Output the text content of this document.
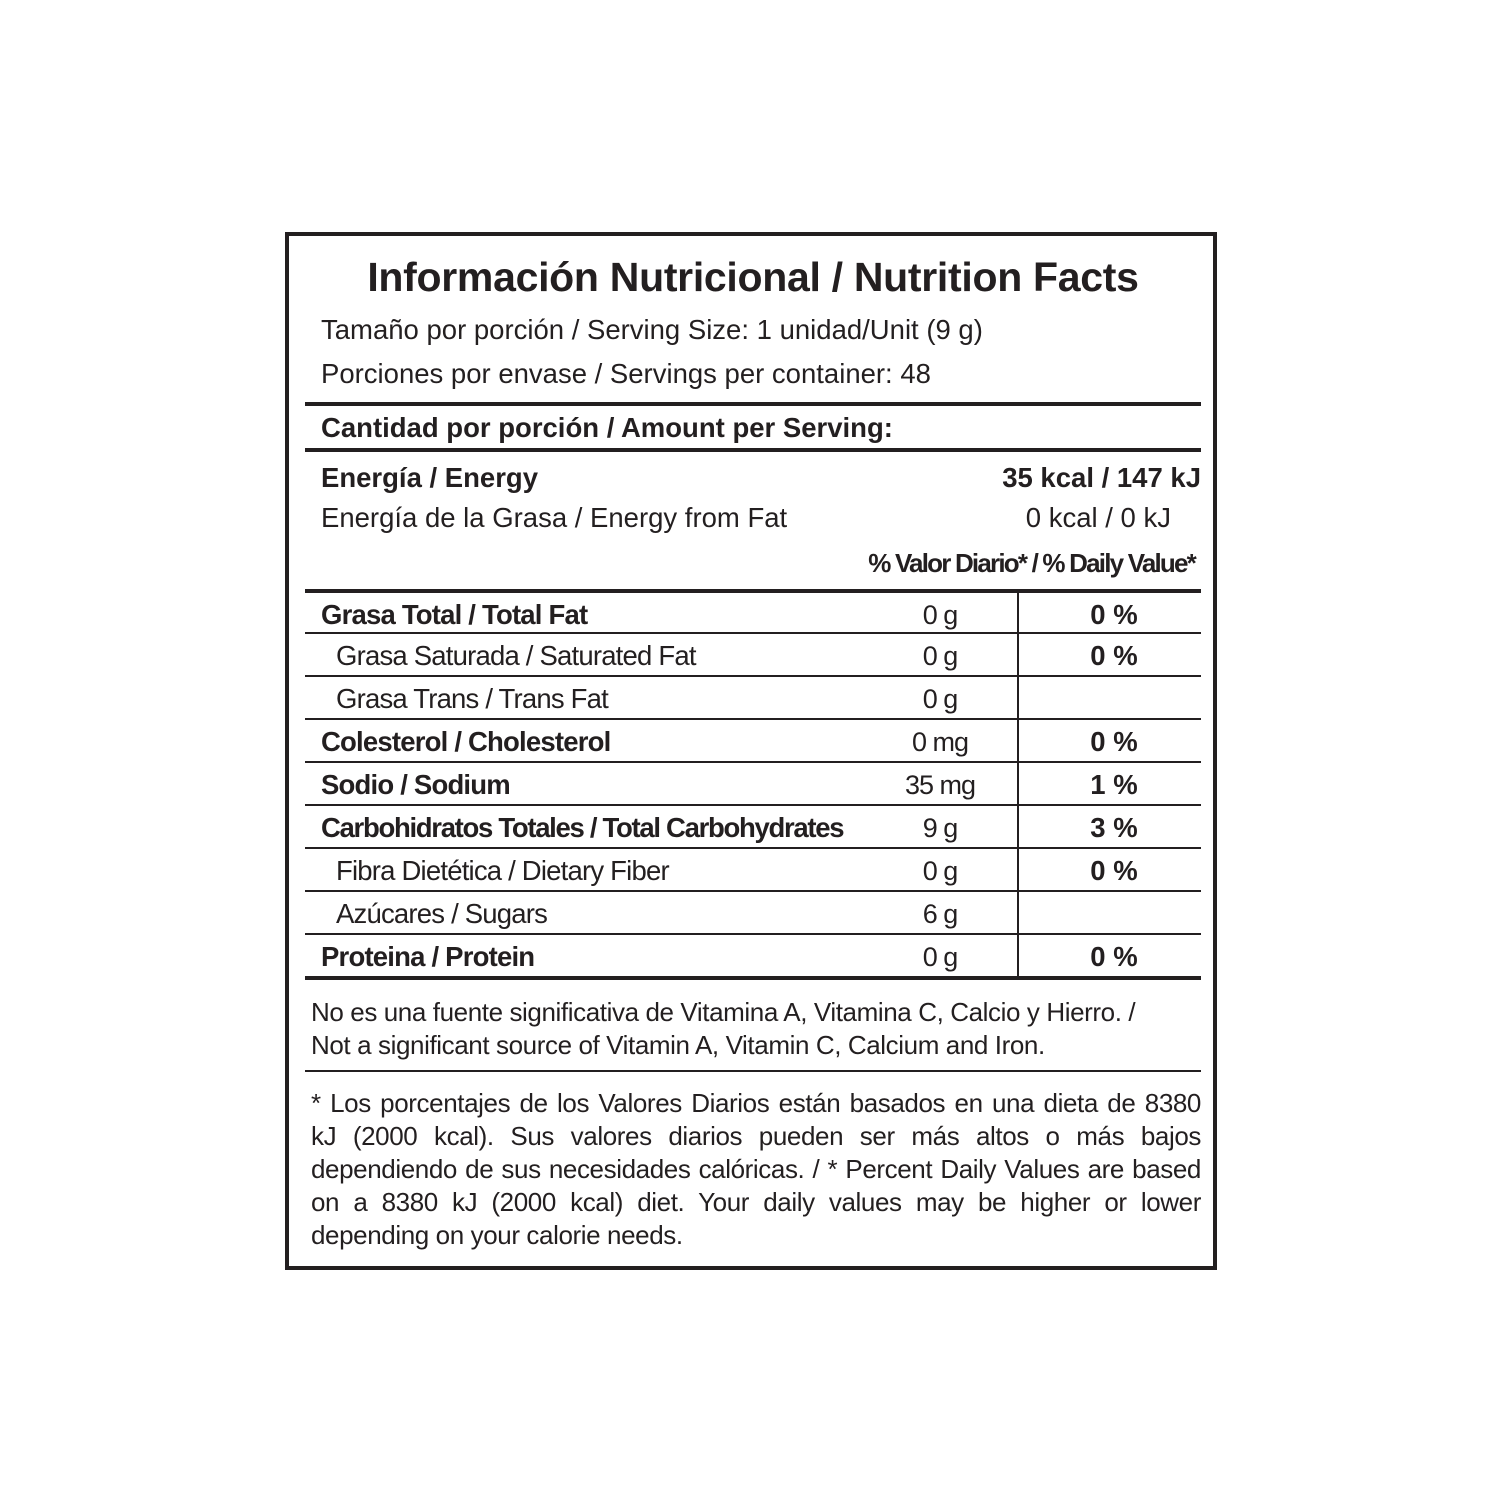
Información Nutricional / Nutrition Facts
Tamaño por porción / Serving Size: 1 unidad/Unit (9 g)
Porciones por envase / Servings per container: 48
Cantidad por porción / Amount per Serving:
Energía / Energy	35 kcal / 147 kJ
Energía de la Grasa / Energy from Fat	0 kcal / 0 kJ
% Valor Diario* / % Daily Value*
Grasa Total / Total Fat	0 g	0 %
Grasa Saturada / Saturated Fat	0 g	0 %
Grasa Trans / Trans Fat	0 g
Colesterol / Cholesterol	0 mg	0 %
Sodio / Sodium	35 mg	1 %
Carbohidratos Totales / Total Carbohydrates	9 g	3 %
Fibra Dietética / Dietary Fiber	0 g	0 %
Azúcares / Sugars	6 g
Proteina / Protein	0 g	0 %
No es una fuente significativa de Vitamina A, Vitamina C, Calcio y Hierro. /
Not a significant source of Vitamin A, Vitamin C, Calcium and Iron.
* Los porcentajes de los Valores Diarios están basados en una dieta de 8380
kJ (2000 kcal). Sus valores diarios pueden ser más altos o más bajos
dependiendo de sus necesidades calóricas. / * Percent Daily Values are based
on a 8380 kJ (2000 kcal) diet. Your daily values may be higher or lower
depending on your calorie needs.
